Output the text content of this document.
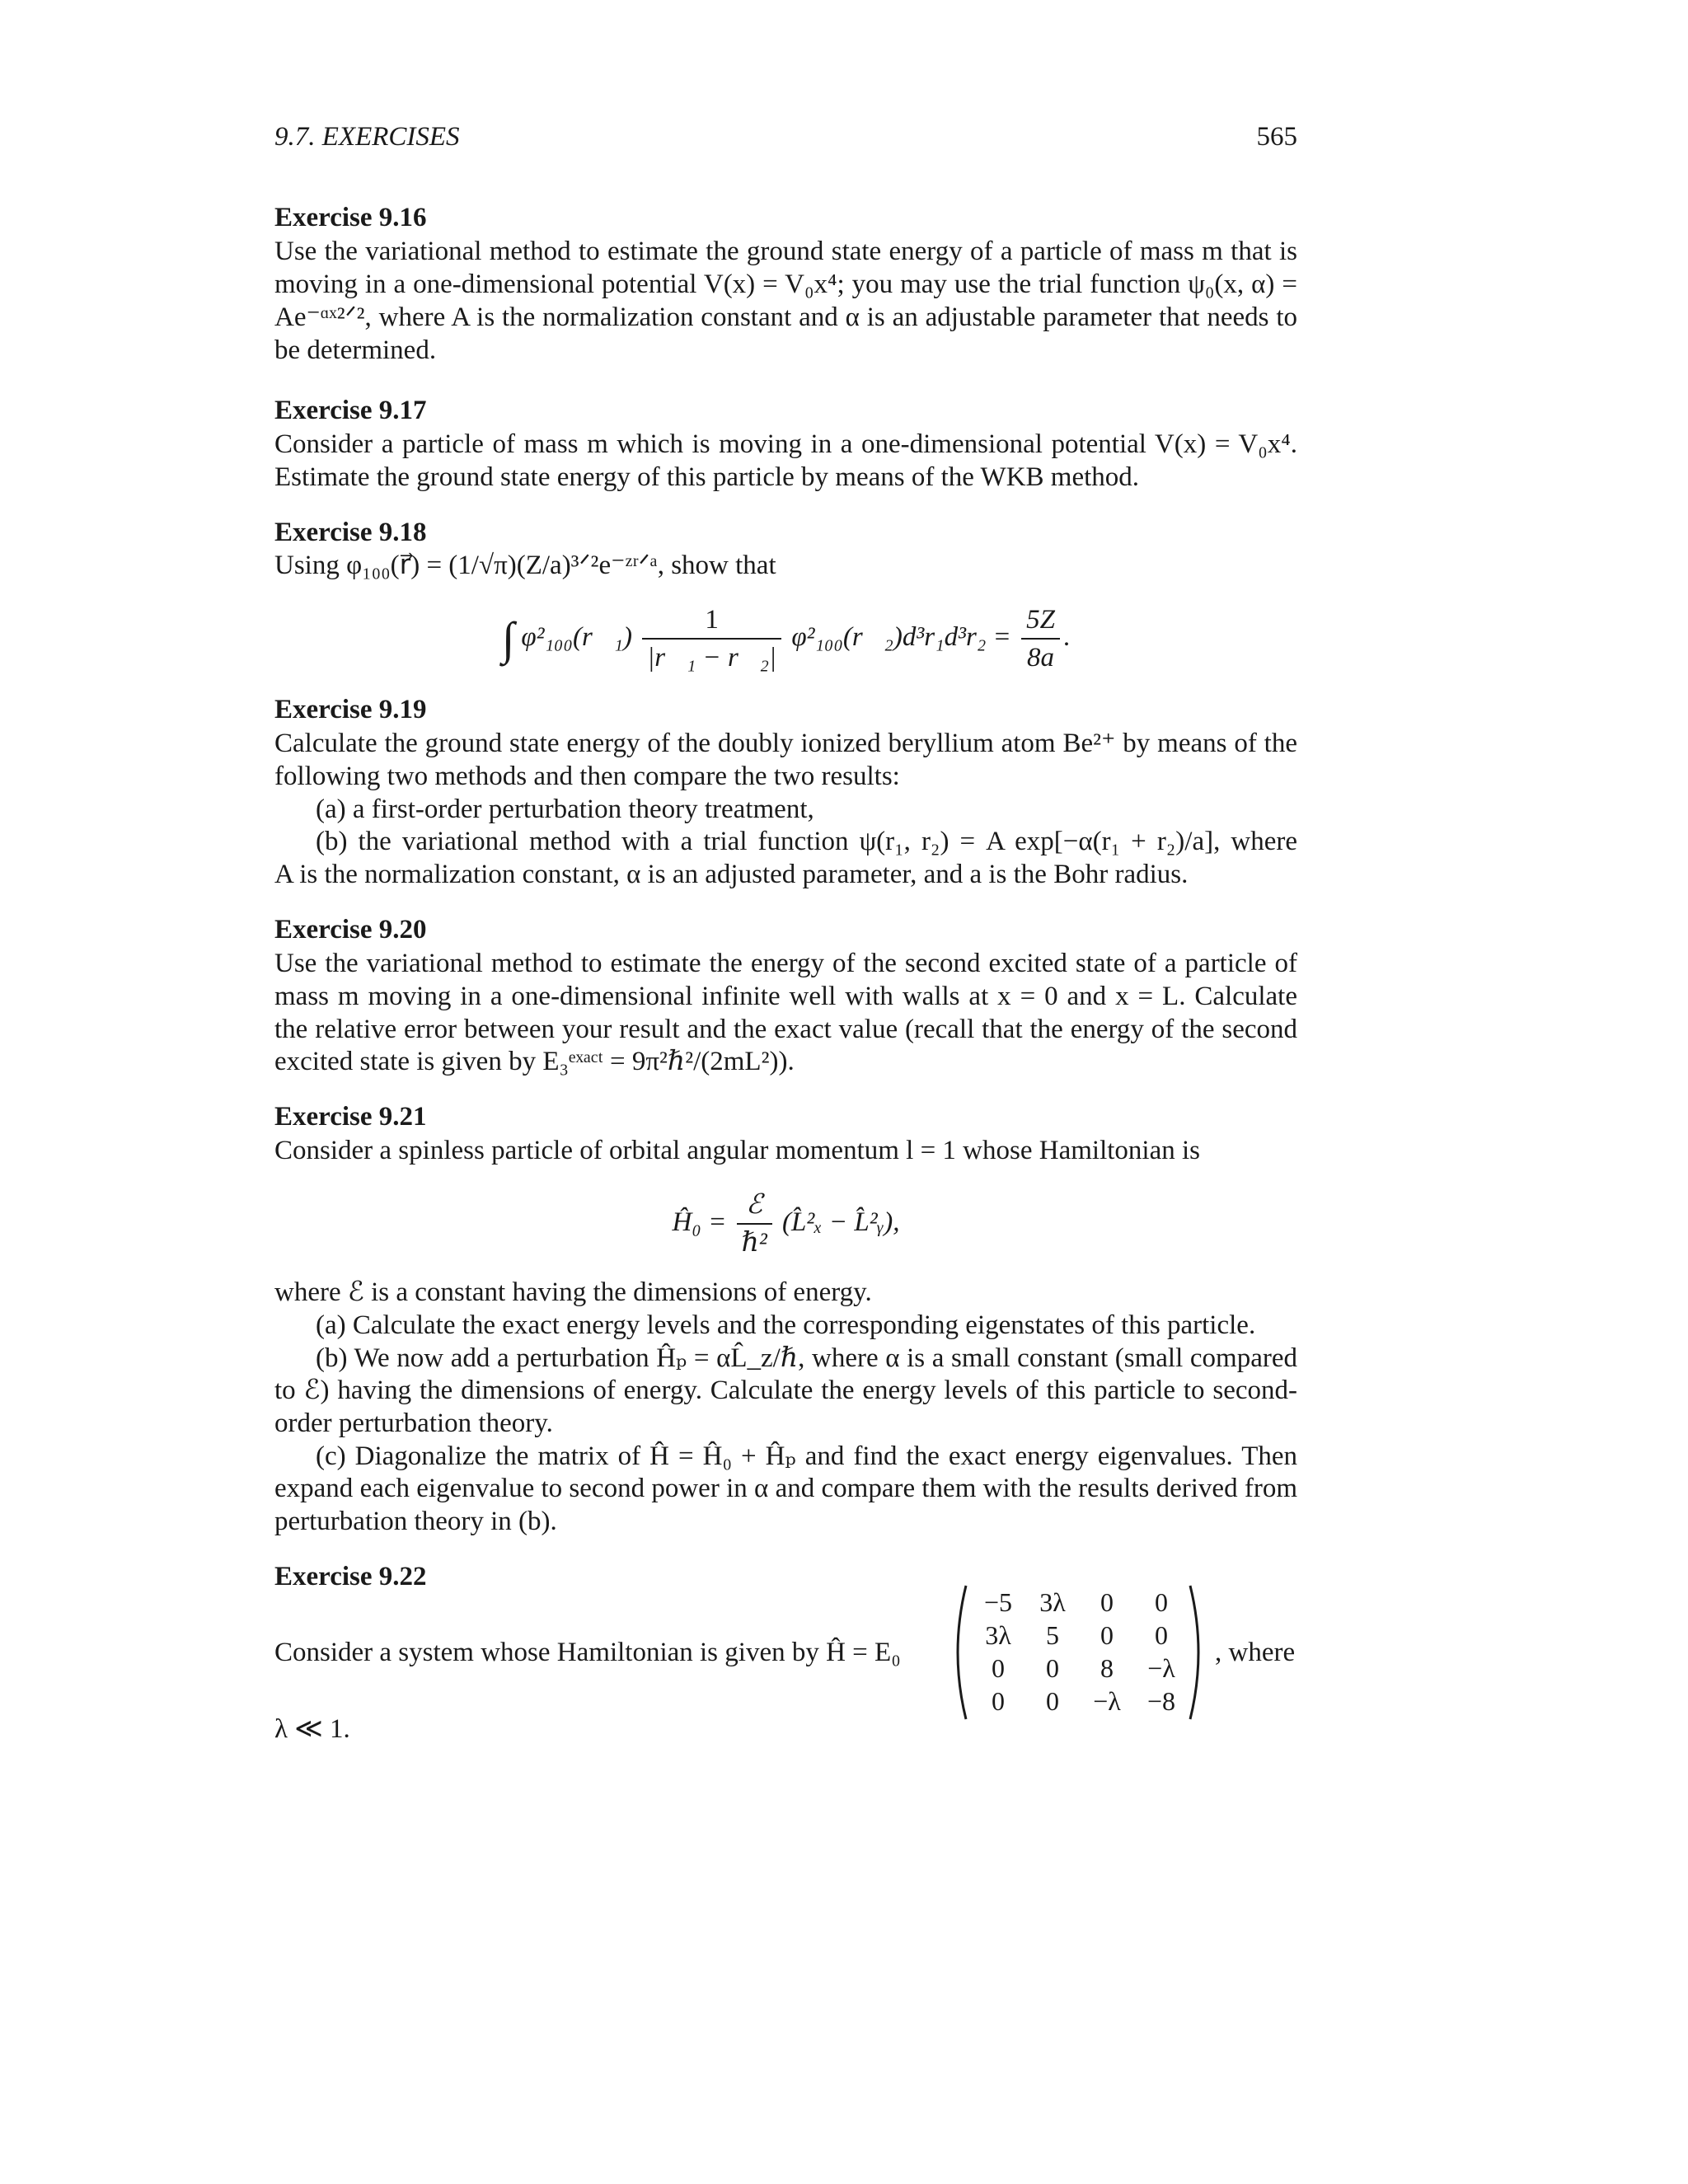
9.7. EXERCISES	565
Exercise 9.16
Use the variational method to estimate the ground state energy of a particle of mass m that is
moving in a one-dimensional potential V(x) = V₀x⁴; you may use the trial function ψ₀(x, α) =
Ae⁻ᵅˣ²ᐟ², where A is the normalization constant and α is an adjustable parameter that needs to
be determined.
Exercise 9.17
Consider a particle of mass m which is moving in a one-dimensional potential V(x) = V₀x⁴.
Estimate the ground state energy of this particle by means of the WKB method.
Exercise 9.18
Using φ₁₀₀(r⃗) = (1/√π)(Z/a)³ᐟ²e⁻ᶻʳᐟᵃ, show that
∫ φ²₁₀₀(r⃗₁) $\frac{1}{\text{|r⃗₁ − r⃗₂|}}$ φ²₁₀₀(r⃗₂)d³r₁d³r₂ = $\frac{5Z}{8a}$ .
Exercise 9.19
Calculate the ground state energy of the doubly ionized beryllium atom Be²⁺ by means of the
following two methods and then compare the two results:
(a) a first-order perturbation theory treatment,
(b) the variational method with a trial function ψ(r₁, r₂) = A exp[−α(r₁ + r₂)/a], where
A is the normalization constant, α is an adjusted parameter, and a is the Bohr radius.
Exercise 9.20
Use the variational method to estimate the energy of the second excited state of a particle of
mass m moving in a one-dimensional infinite well with walls at x = 0 and x = L. Calculate
the relative error between your result and the exact value (recall that the energy of the second
excited state is given by E₃ᵉˣᵃᶜᵗ = 9π²ℏ²/(2mL²)).
Exercise 9.21
Consider a spinless particle of orbital angular momentum l = 1 whose Hamiltonian is
Ĥ₀ = $\frac{\text{ℰ}}{\text{ℏ²}}$ (L̂²ₓ − L̂²ᵧ),
where ℰ is a constant having the dimensions of energy.
(a) Calculate the exact energy levels and the corresponding eigenstates of this particle.
(b) We now add a perturbation Ĥₚ = αL̂_z/ℏ, where α is a small constant (small compared
to ℰ) having the dimensions of energy. Calculate the energy levels of this particle to second-
order perturbation theory.
(c) Diagonalize the matrix of Ĥ = Ĥ₀ + Ĥₚ and find the exact energy eigenvalues. Then
expand each eigenvalue to second power in α and compare them with the results derived from
perturbation theory in (b).
Exercise 9.22
Consider a system whose Hamiltonian is given by Ĥ = E₀
−5	3λ	0	0
3λ	5	0	0
0	0	8	−λ
0	0	−λ	−8
, where
λ ≪ 1.
